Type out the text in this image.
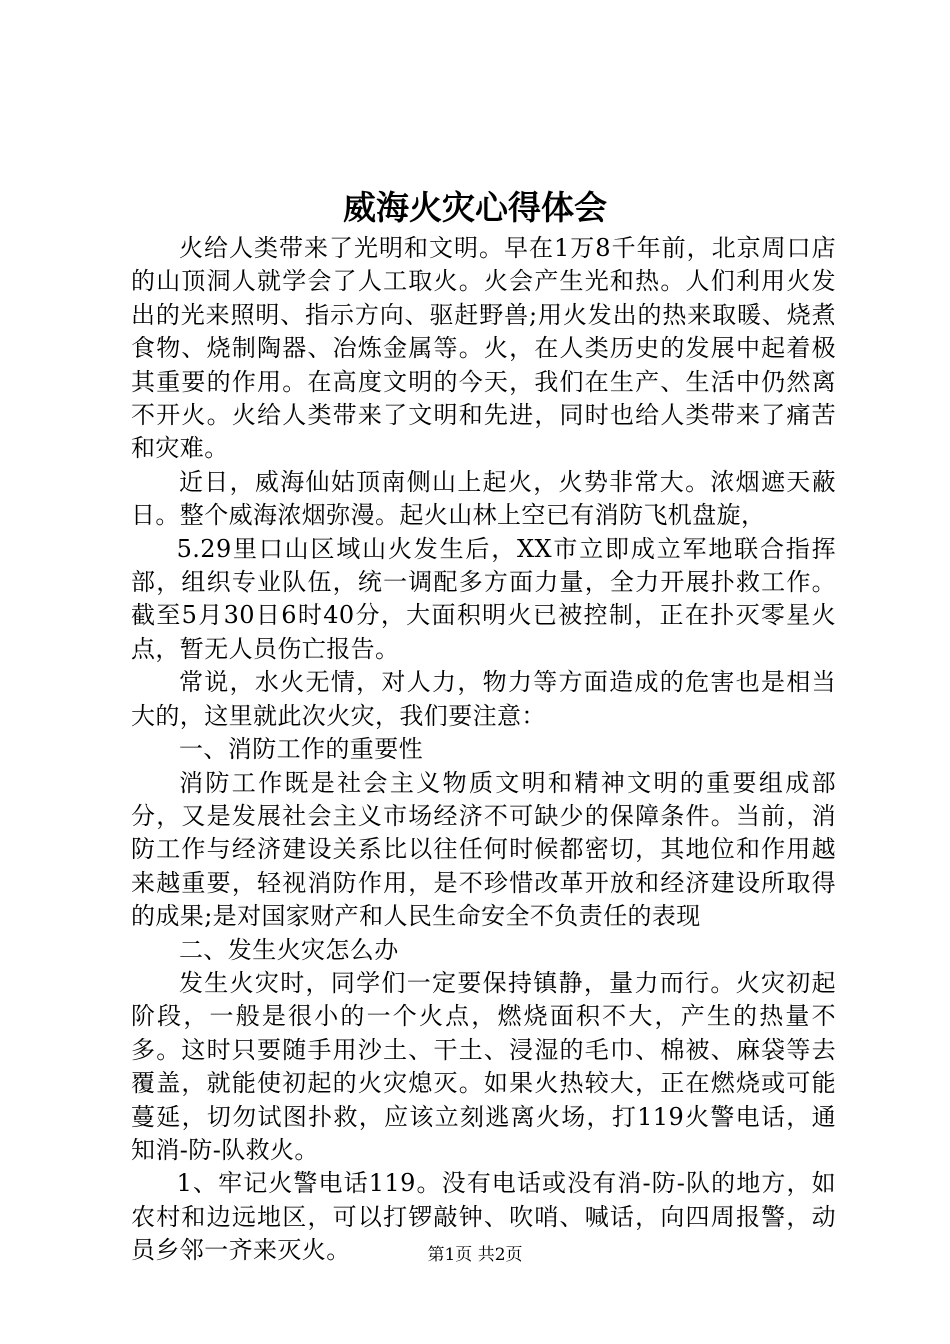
威海火灾心得体会

火给人类带来了光明和文明。早在1万8千年前，北京周口店的山顶洞人就学会了人工取火。火会产生光和热。人们利用火发出的光来照明、指示方向、驱赶野兽;用火发出的热来取暖、烧煮食物、烧制陶器、冶炼金属等。火，在人类历史的发展中起着极其重要的作用。在高度文明的今天，我们在生产、生活中仍然离不开火。火给人类带来了文明和先进，同时也给人类带来了痛苦和灾难。

近日，威海仙姑顶南侧山上起火，火势非常大。浓烟遮天蔽日。整个威海浓烟弥漫。起火山林上空已有消防飞机盘旋，

5.29里口山区域山火发生后，XX市立即成立军地联合指挥部，组织专业队伍，统一调配多方面力量，全力开展扑救工作。截至5月30日6时40分，大面积明火已被控制，正在扑灭零星火点，暂无人员伤亡报告。

常说，水火无情，对人力，物力等方面造成的危害也是相当大的，这里就此次火灾，我们要注意：

一、消防工作的重要性

消防工作既是社会主义物质文明和精神文明的重要组成部分，又是发展社会主义市场经济不可缺少的保障条件。当前，消防工作与经济建设关系比以往任何时候都密切，其地位和作用越来越重要，轻视消防作用，是不珍惜改革开放和经济建设所取得的成果;是对国家财产和人民生命安全不负责任的表现

二、发生火灾怎么办

发生火灾时，同学们一定要保持镇静，量力而行。火灾初起阶段，一般是很小的一个火点，燃烧面积不大，产生的热量不多。这时只要随手用沙土、干土、浸湿的毛巾、棉被、麻袋等去覆盖，就能使初起的火灾熄灭。如果火热较大，正在燃烧或可能蔓延，切勿试图扑救，应该立刻逃离火场，打119火警电话，通知消-防-队救火。

1、牢记火警电话119。没有电话或没有消-防-队的地方，如农村和边远地区，可以打锣敲钟、吹哨、喊话，向四周报警，动员乡邻一齐来灭火。	第1页 共2页
